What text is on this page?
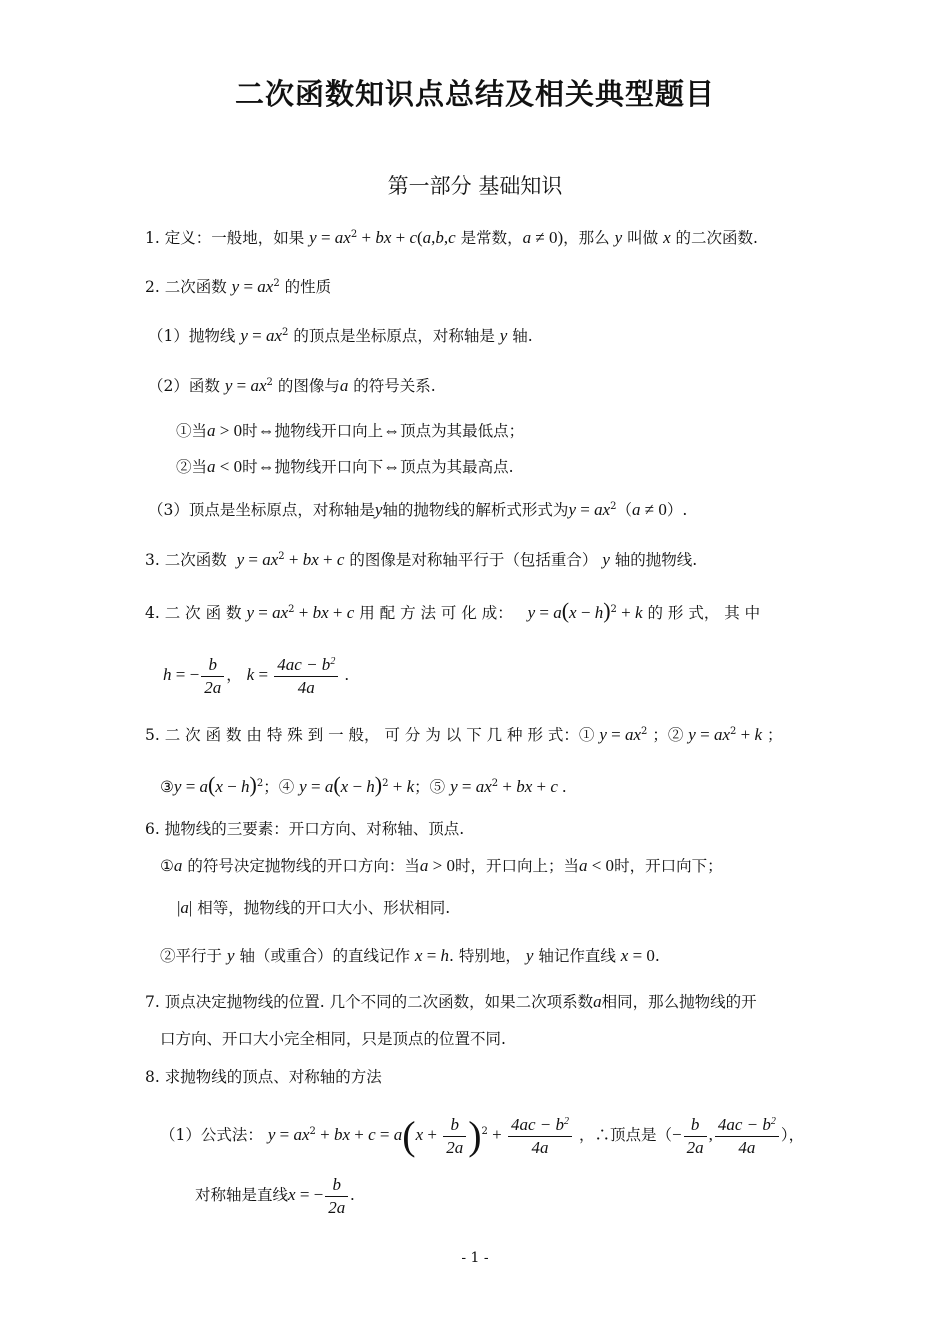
二次函数知识点总结及相关典型题目
第一部分 基础知识
1. 定义：一般地，如果 $y = ax^2$ + bx + c(a,b,c 是常数，a ≠ 0)，那么 y 叫做 x 的二次函数.
2. 二次函数 $y = ax^2$ 的性质
（1）抛物线 $y = ax^2$ 的顶点是坐标原点，对称轴是 y 轴.
（2）函数 $y = ax^2$ 的图像与a 的符号关系.
①当a > 0时⇔抛物线开口向上⇔顶点为其最低点；
②当a < 0时⇔抛物线开口向下⇔顶点为其最高点.
（3）顶点是坐标原点，对称轴是y轴的抛物线的解析式形式为$y = ax^2(a \ne 0)$.
3. 二次函数 $y = ax^2$ + bx + c 的图像是对称轴平行于（包括重合） y 轴的抛物线.
4. 二 次 函 数 $y = ax^2$ + bx + c 用 配 方 法 可 化 成： $y = a(x - h)^2 + k$ 的 形 式， 其 中
h = − $\frac{b}{2a}$ ， $k = \frac{4ac - b^2}{4a}$ .
5. 二 次 函 数 由 特 殊 到 一 般， 可 分 为 以 下 几 种 形 式：① $y = ax^2$ ；② $y = ax^2 + k$ ；
③y = $a(x - h)^2$；④ $y = a(x - h)^2 + k$；⑤ $y = ax^2$ + bx + c .
6. 抛物线的三要素：开口方向、对称轴、顶点.
①a 的符号决定抛物线的开口方向：当a > 0时，开口向上；当a < 0时，开口向下；
|a| 相等，抛物线的开口大小、形状相同.
②平行于 y 轴（或重合）的直线记作 x = h. 特别地， y 轴记作直线 x = 0.
7. 顶点决定抛物线的位置. 几个不同的二次函数，如果二次项系数a相同，那么抛物线的开
口方向、开口大小完全相同，只是顶点的位置不同.
8. 求抛物线的顶点、对称轴的方法
（1）公式法： $y = ax^2$ + bx + $c = a(x + \frac{b}{2a} )^2 + \frac{4ac - b^2}{4a}$ ，∴顶点是（− $\frac{b}{2a}$ , $\frac{4ac - b^2}{4a}$ ），
对称轴是直线x = − $\frac{b}{2a}$ .
- 1 -
